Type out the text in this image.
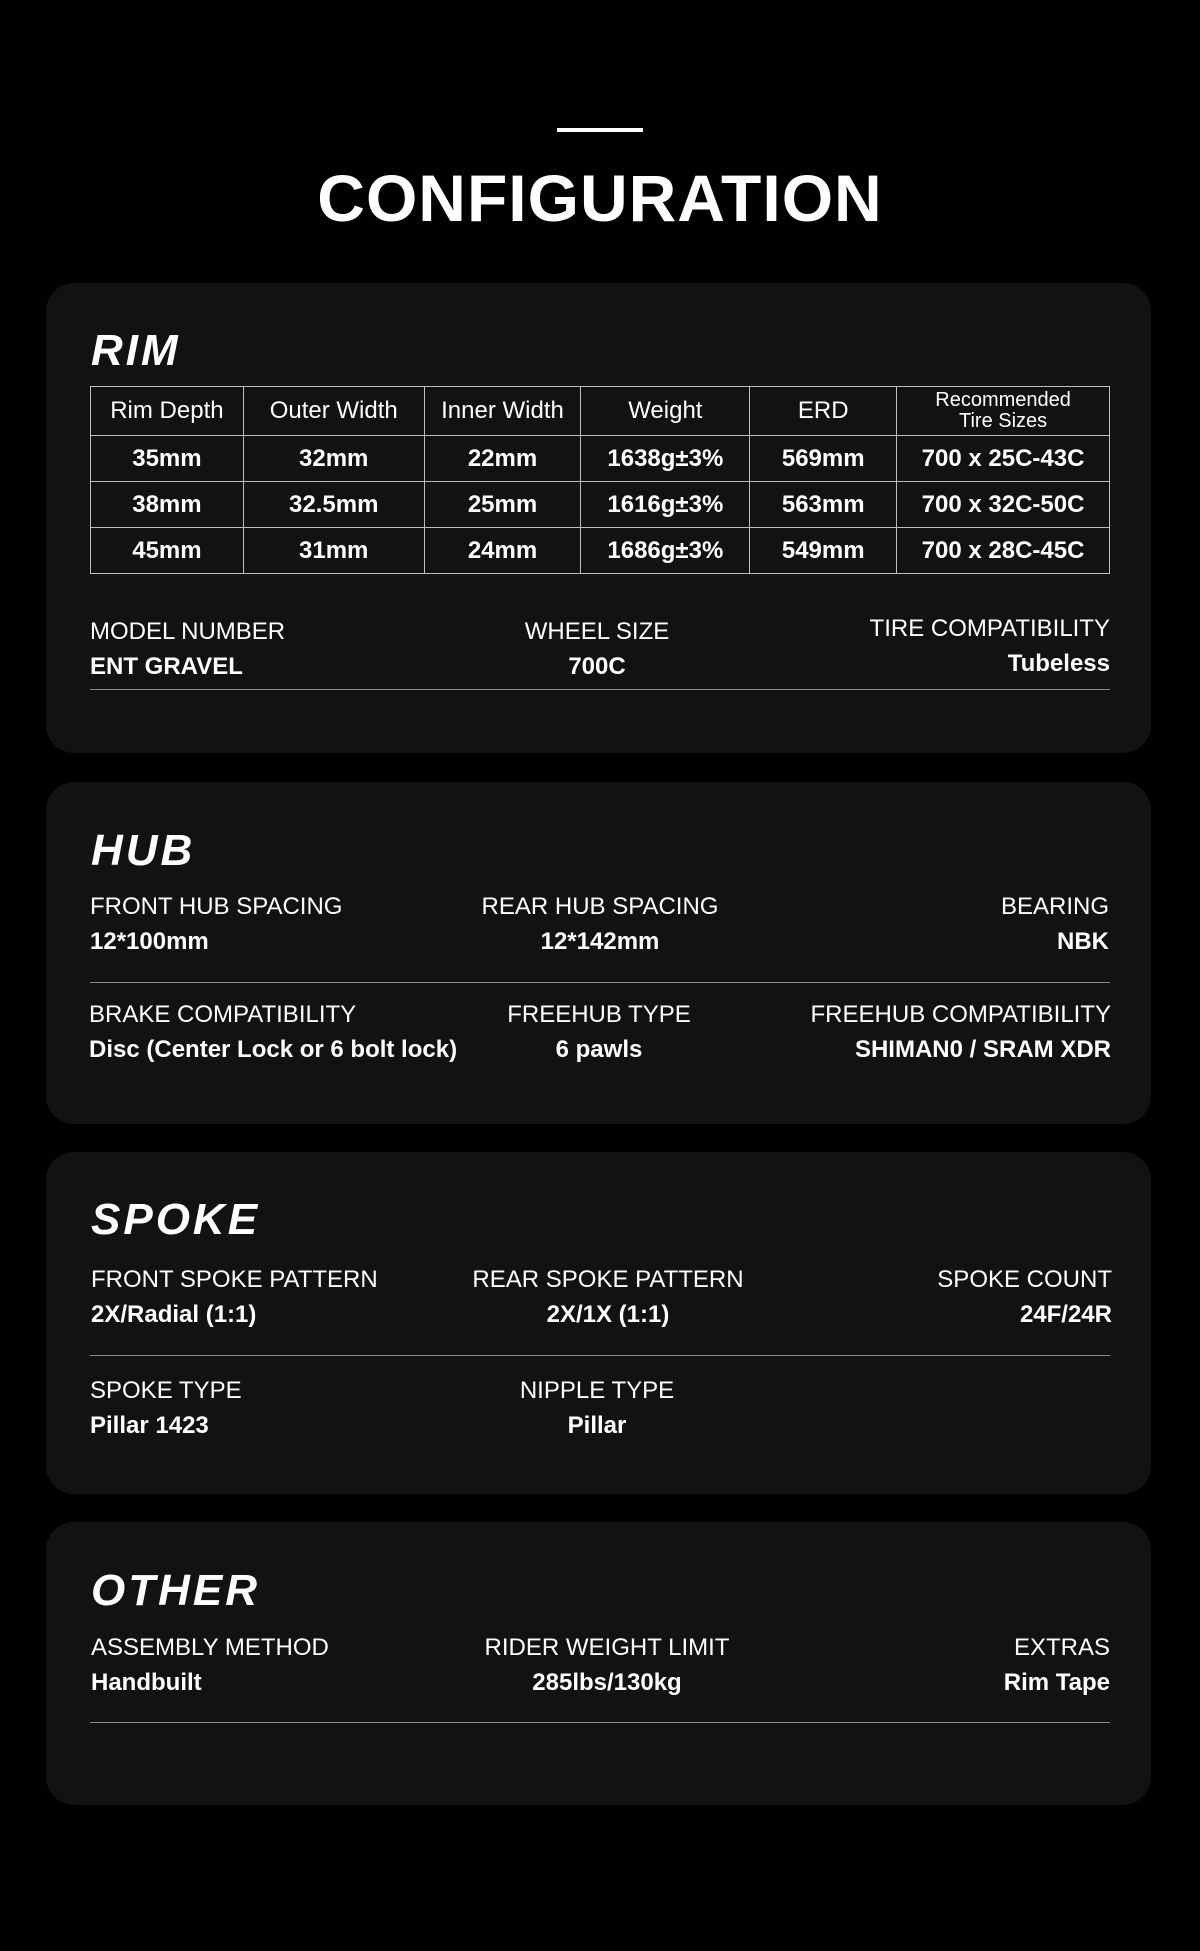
CONFIGURATION
RIM
Rim Depth	Outer Width	Inner Width	Weight	ERD	Recommended
Tire Sizes
35mm	32mm	22mm	1638g±3%	569mm	700 x 25C-43C
38mm	32.5mm	25mm	1616g±3%	563mm	700 x 32C-50C
45mm	31mm	24mm	1686g±3%	549mm	700 x 28C-45C
MODEL NUMBER
ENT GRAVEL
WHEEL SIZE
700C
TIRE COMPATIBILITY
Tubeless
HUB
FRONT HUB SPACING
12*100mm
REAR HUB SPACING
12*142mm
BEARING
NBK
BRAKE COMPATIBILITY
Disc (Center Lock or 6 bolt lock)
FREEHUB TYPE
6 pawls
FREEHUB COMPATIBILITY
SHIMAN0 / SRAM XDR
SPOKE
FRONT SPOKE PATTERN
2X/Radial (1:1)
REAR SPOKE PATTERN
2X/1X (1:1)
SPOKE COUNT
24F/24R
SPOKE TYPE
Pillar 1423
NIPPLE TYPE
Pillar
OTHER
ASSEMBLY METHOD
Handbuilt
RIDER WEIGHT LIMIT
285lbs/130kg
EXTRAS
Rim Tape
